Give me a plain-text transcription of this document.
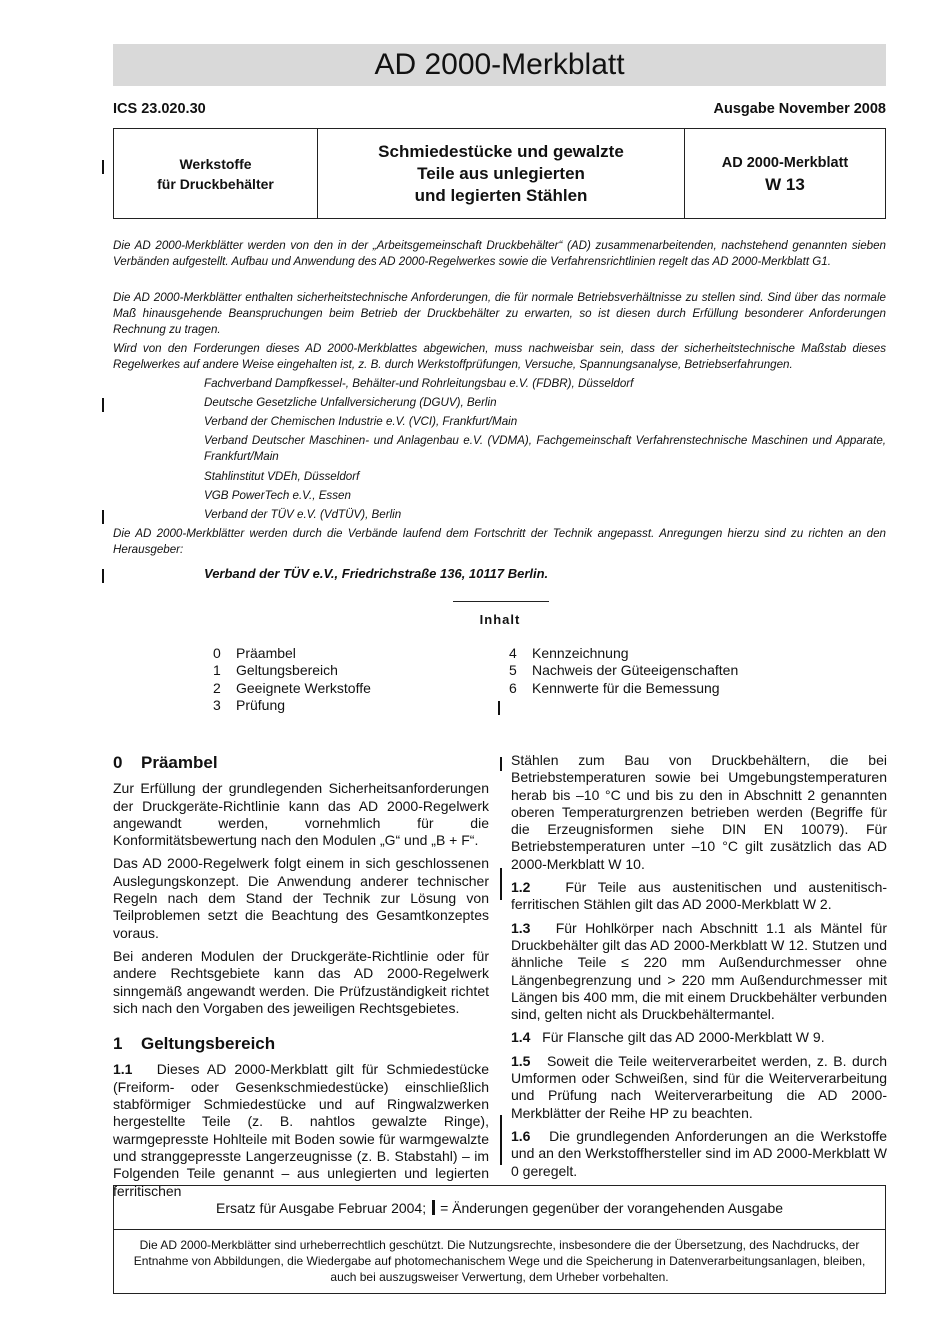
AD 2000-Merkblatt
ICS 23.020.30	Ausgabe November 2008
Werkstoffe
für Druckbehälter
Schmiedestücke und gewalzte
Teile aus unlegierten
und legierten Stählen
AD 2000-Merkblatt
W 13
Die AD 2000-Merkblätter werden von den in der „Arbeitsgemeinschaft Druckbehälter“ (AD) zusammenarbeitenden, nachstehend genannten sieben Verbänden aufgestellt. Aufbau und Anwendung des AD 2000-Regelwerkes sowie die Verfahrensrichtlinien regelt das AD 2000-Merkblatt G1.
Die AD 2000-Merkblätter enthalten sicherheitstechnische Anforderungen, die für normale Betriebsverhältnisse zu stellen sind. Sind über das normale Maß hinausgehende Beanspruchungen beim Betrieb der Druckbehälter zu erwarten, so ist diesen durch Erfüllung besonderer Anforderungen Rechnung zu tragen.
Wird von den Forderungen dieses AD 2000-Merkblattes abgewichen, muss nachweisbar sein, dass der sicherheitstechnische Maßstab dieses Regelwerkes auf andere Weise eingehalten ist, z. B. durch Werkstoffprüfungen, Versuche, Spannungsanalyse, Betriebserfahrungen.
Fachverband Dampfkessel-, Behälter-und Rohrleitungsbau e.V. (FDBR), Düsseldorf
Deutsche Gesetzliche Unfallversicherung (DGUV), Berlin
Verband der Chemischen Industrie e.V. (VCI), Frankfurt/Main
Verband Deutscher Maschinen- und Anlagenbau e.V. (VDMA), Fachgemeinschaft Verfahrenstechnische Maschinen und Apparate, Frankfurt/Main
Stahlinstitut VDEh, Düsseldorf
VGB PowerTech e.V., Essen
Verband der TÜV e.V. (VdTÜV), Berlin
Die AD 2000-Merkblätter werden durch die Verbände laufend dem Fortschritt der Technik angepasst. Anregungen hierzu sind zu richten an den Herausgeber:
Verband der TÜV e.V., Friedrichstraße 136, 10117 Berlin.
Inhalt
0 Präambel
1 Geltungsbereich
2 Geeignete Werkstoffe
3 Prüfung
4 Kennzeichnung
5 Nachweis der Güteeigenschaften
6 Kennwerte für die Bemessung
0 Präambel

Zur Erfüllung der grundlegenden Sicherheitsanforderungen der Druckgeräte-Richtlinie kann das AD 2000-Regelwerk angewandt werden, vornehmlich für die Konformitätsbewertung nach den Modulen „G“ und „B + F“.

Das AD 2000-Regelwerk folgt einem in sich geschlossenen Auslegungskonzept. Die Anwendung anderer technischer Regeln nach dem Stand der Technik zur Lösung von Teilproblemen setzt die Beachtung des Gesamtkonzeptes voraus.

Bei anderen Modulen der Druckgeräte-Richtlinie oder für andere Rechtsgebiete kann das AD 2000-Regelwerk sinngemäß angewandt werden. Die Prüfzuständigkeit richtet sich nach den Vorgaben des jeweiligen Rechtsgebietes.

1 Geltungsbereich

1.1 Dieses AD 2000-Merkblatt gilt für Schmiedestücke (Freiform- oder Gesenkschmiedestücke) einschließlich stabförmiger Schmiedestücke und auf Ringwalzwerken hergestellte Teile (z. B. nahtlos gewalzte Ringe), warmgepresste Hohlteile mit Boden sowie für warmgewalzte und stranggepresste Langerzeugnisse (z. B. Stabstahl) – im Folgenden Teile genannt – aus unlegierten und legierten ferritischen

Stählen zum Bau von Druckbehältern, die bei Betriebstemperaturen sowie bei Umgebungstemperaturen herab bis –10 °C und bis zu den in Abschnitt 2 genannten oberen Temperaturgrenzen betrieben werden (Begriffe für die Erzeugnisformen siehe DIN EN 10079). Für Betriebstemperaturen unter –10 °C gilt zusätzlich das AD 2000-Merkblatt W 10.

1.2 Für Teile aus austenitischen und austenitisch-ferritischen Stählen gilt das AD 2000-Merkblatt W 2.

1.3 Für Hohlkörper nach Abschnitt 1.1 als Mäntel für Druckbehälter gilt das AD 2000-Merkblatt W 12. Stutzen und ähnliche Teile ≤ 220 mm Außendurchmesser ohne Längenbegrenzung und > 220 mm Außendurchmesser mit Längen bis 400 mm, die mit einem Druckbehälter verbunden sind, gelten nicht als Druckbehältermantel.

1.4 Für Flansche gilt das AD 2000-Merkblatt W 9.

1.5 Soweit die Teile weiterverarbeitet werden, z. B. durch Umformen oder Schweißen, sind für die Weiterverarbeitung und Prüfung nach Weiterverarbeitung die AD 2000-Merkblätter der Reihe HP zu beachten.

1.6 Die grundlegenden Anforderungen an die Werkstoffe und an den Werkstoffhersteller sind im AD 2000-Merkblatt W 0 geregelt.

Ersatz für Ausgabe Februar 2004; = Änderungen gegenüber der vorangehenden Ausgabe
Die AD 2000-Merkblätter sind urheberrechtlich geschützt. Die Nutzungsrechte, insbesondere die der Übersetzung, des Nachdrucks, der Entnahme von Abbildungen, die Wiedergabe auf photomechanischem Wege und die Speicherung in Datenverarbeitungsanlagen, bleiben, auch bei auszugsweiser Verwertung, dem Urheber vorbehalten.
